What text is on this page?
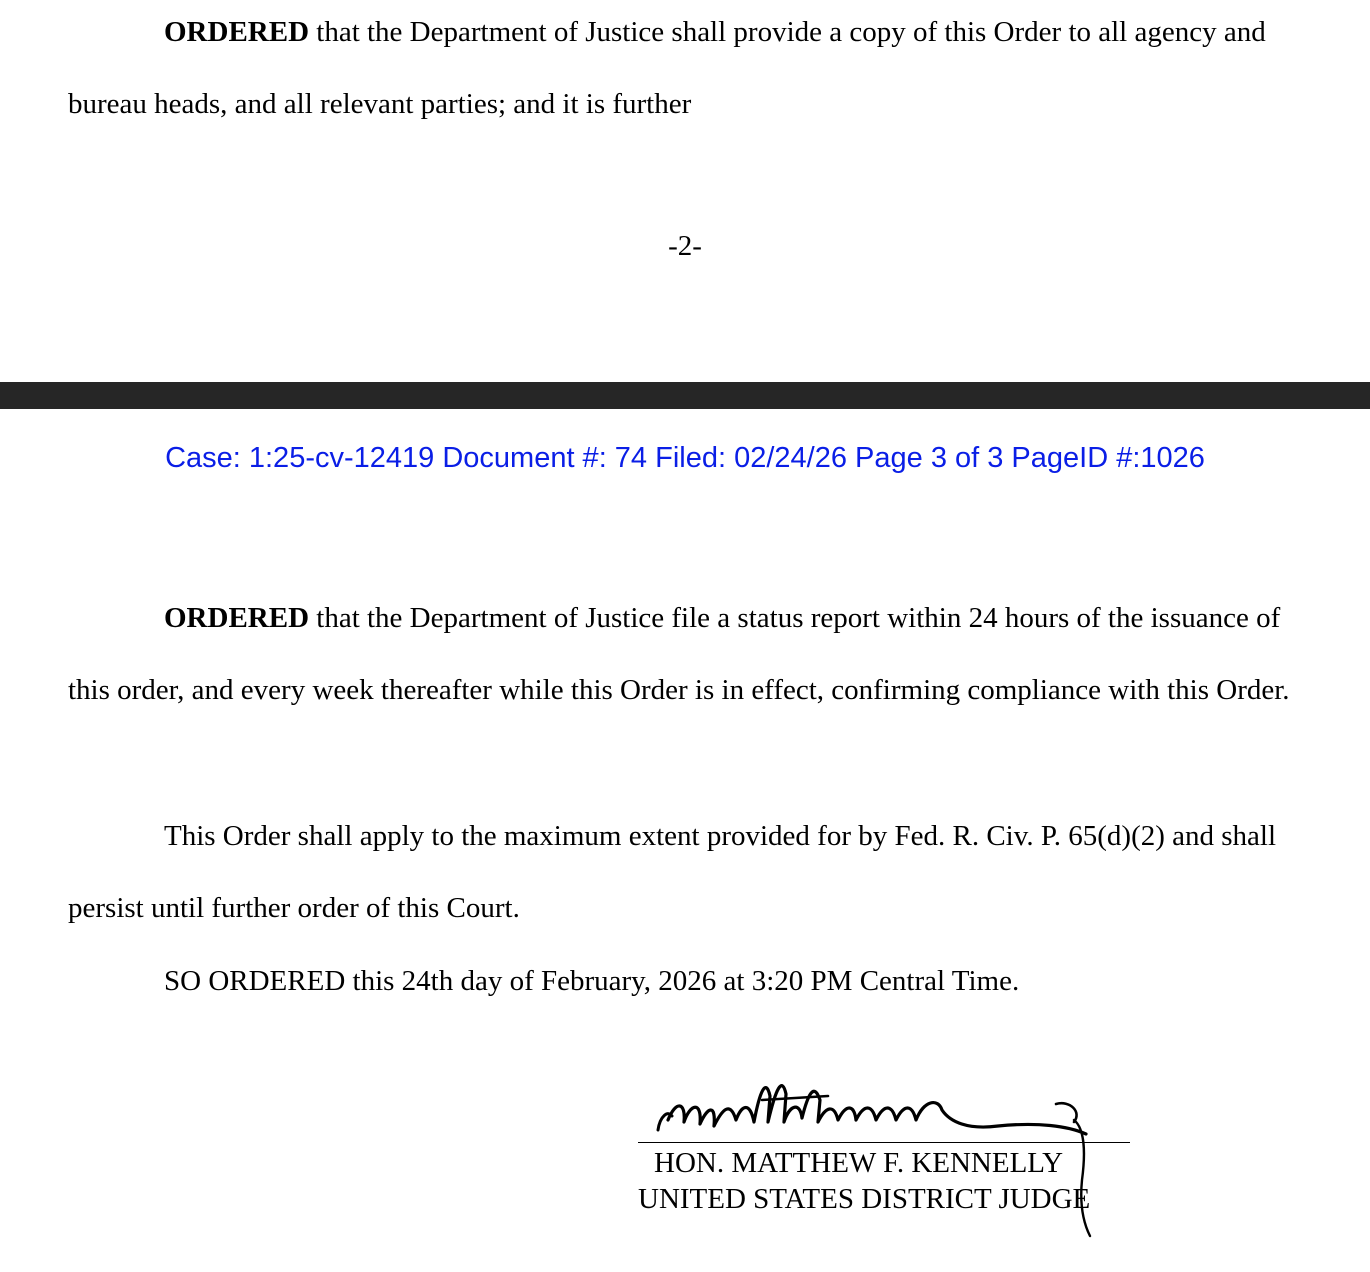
ORDERED that the Department of Justice shall provide a copy of this Order to all agency and bureau heads, and all relevant parties; and it is further

-2-
Case: 1:25-cv-12419 Document #: 74 Filed: 02/24/26 Page 3 of 3 PageID #:1026

ORDERED that the Department of Justice file a status report within 24 hours of the issuance of this order, and every week thereafter while this Order is in effect, confirming compliance with this Order.

This Order shall apply to the maximum extent provided for by Fed. R. Civ. P. 65(d)(2) and shall persist until further order of this Court.

SO ORDERED this 24th day of February, 2026 at 3:20 PM Central Time.

HON. MATTHEW F. KENNELLY
UNITED STATES DISTRICT JUDGE
